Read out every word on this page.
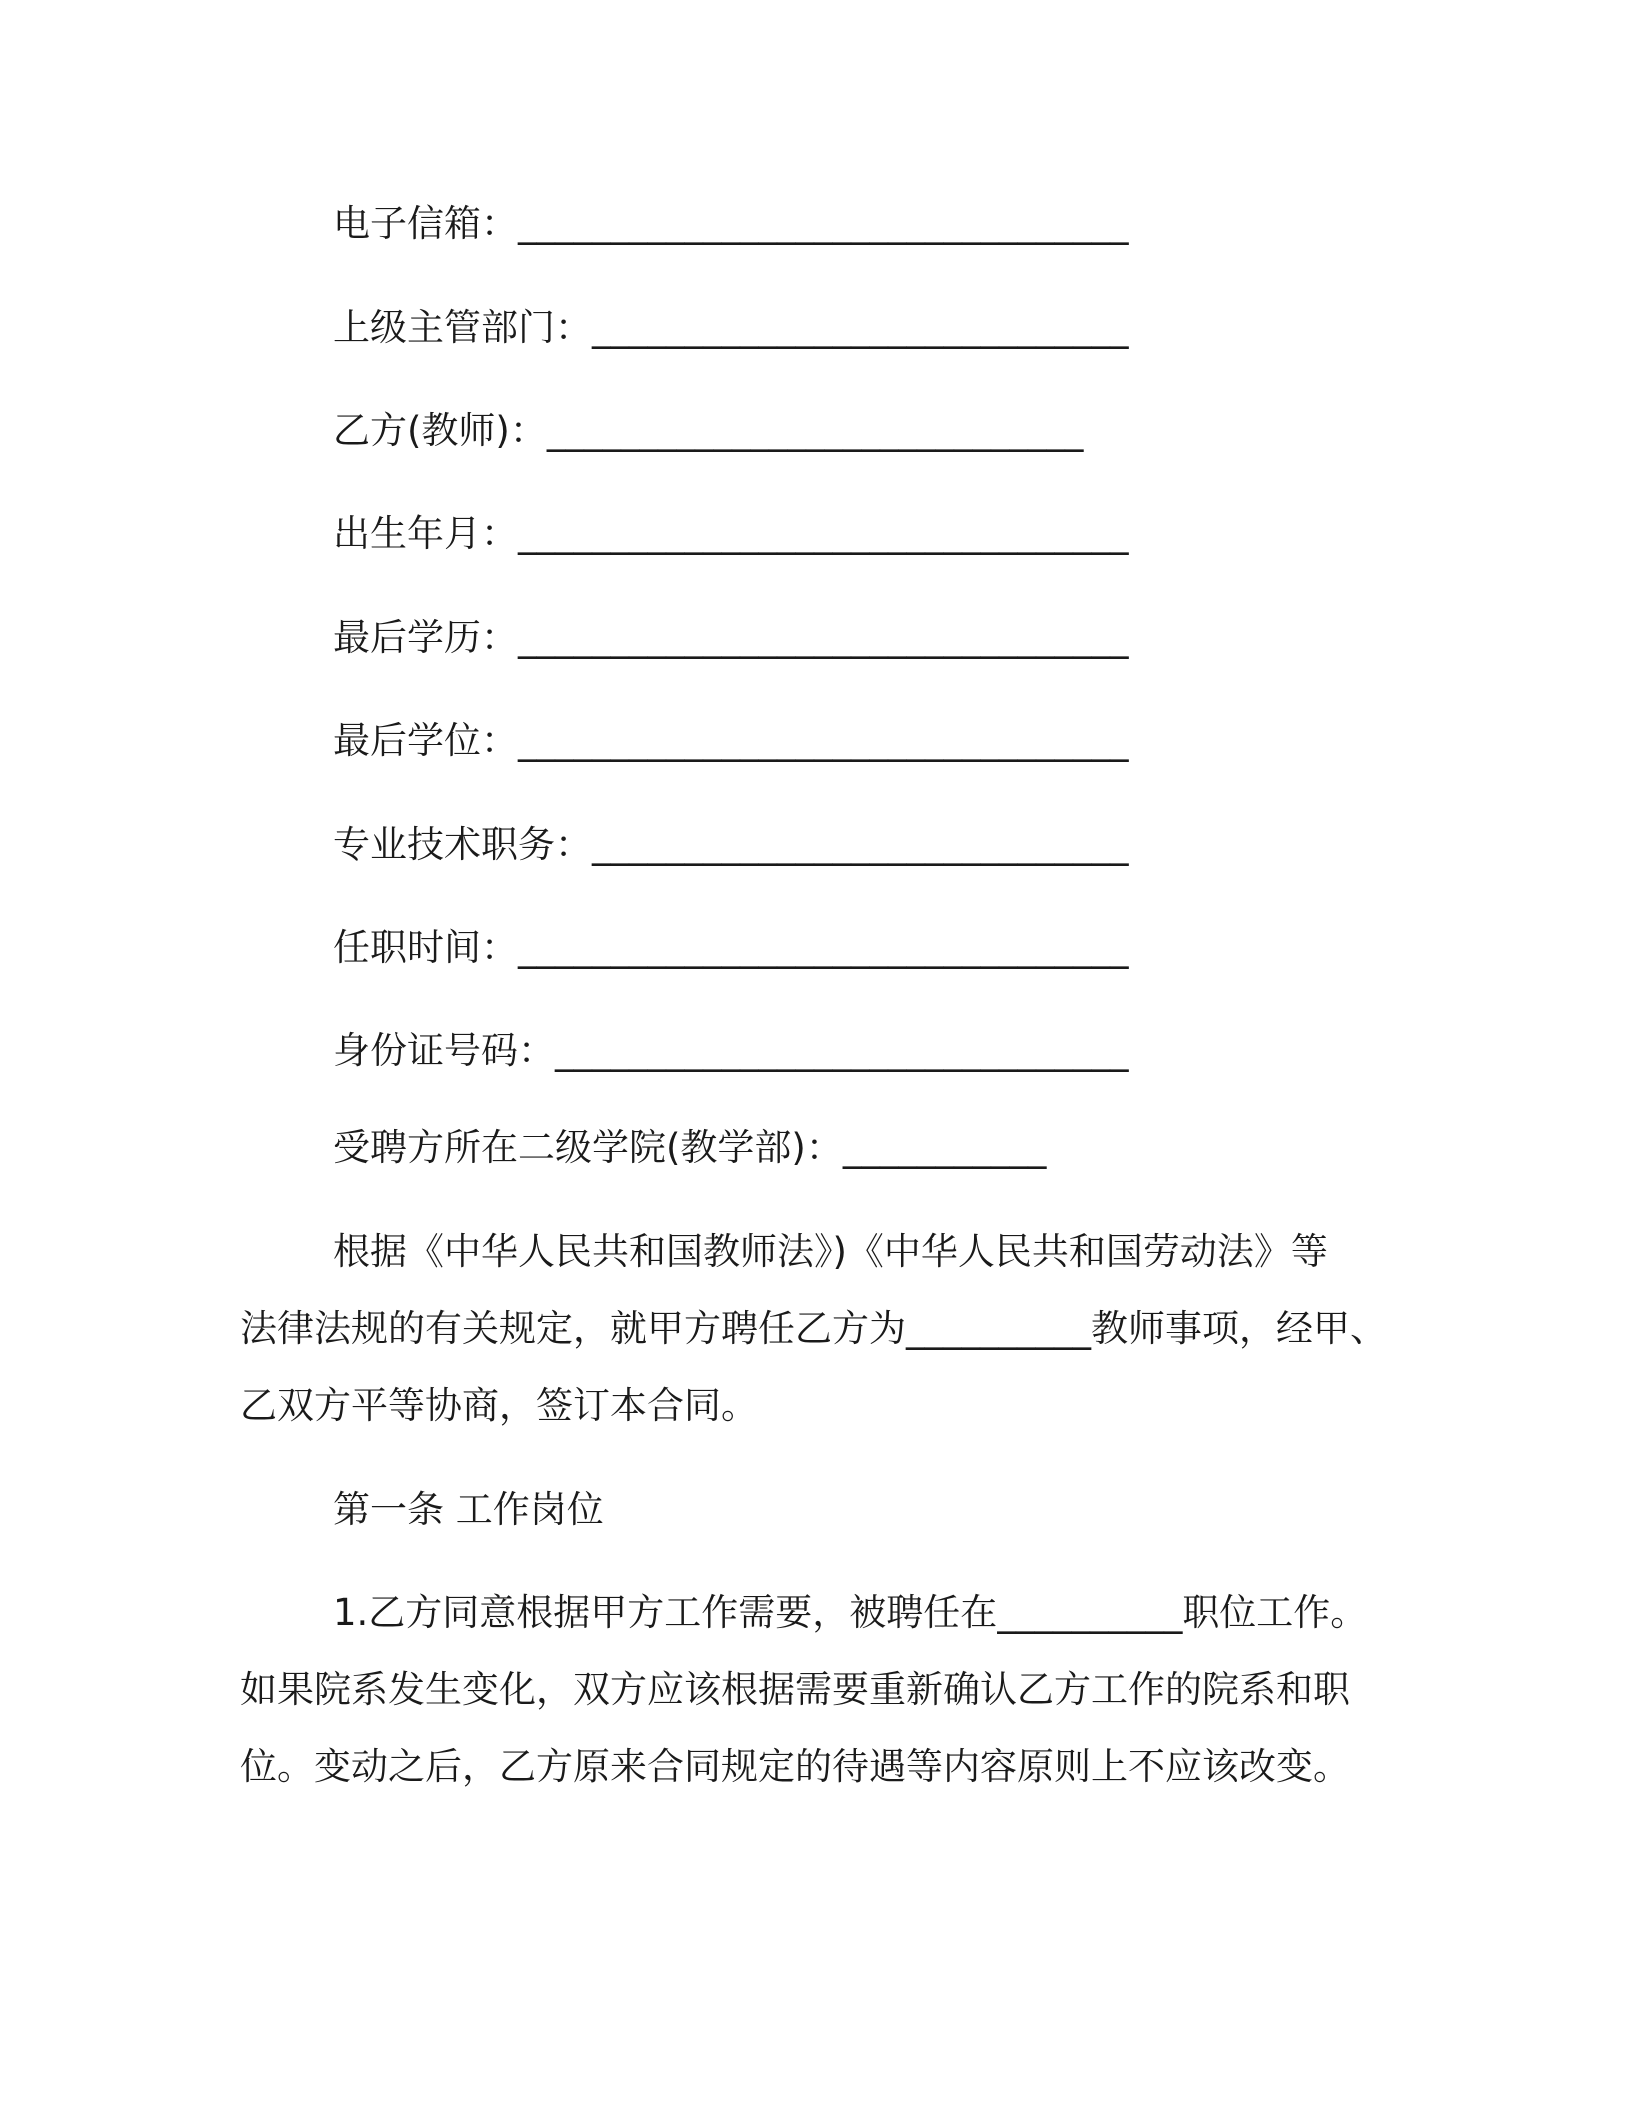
电子信箱：_________________________________
上级主管部门：_____________________________
乙方(教师)：_____________________________
出生年月：_________________________________
最后学历：_________________________________
最后学位：_________________________________
专业技术职务：_____________________________
任职时间：_________________________________
身份证号码：_______________________________
受聘方所在二级学院(教学部)：___________
根据《中华人民共和国教师法》)《中华人民共和国劳动法》等
法律法规的有关规定，就甲方聘任乙方为__________教师事项，经甲、
乙双方平等协商，签订本合同。
第一条 工作岗位
1.乙方同意根据甲方工作需要，被聘任在__________职位工作。
如果院系发生变化，双方应该根据需要重新确认乙方工作的院系和职
位。变动之后，乙方原来合同规定的待遇等内容原则上不应该改变。
